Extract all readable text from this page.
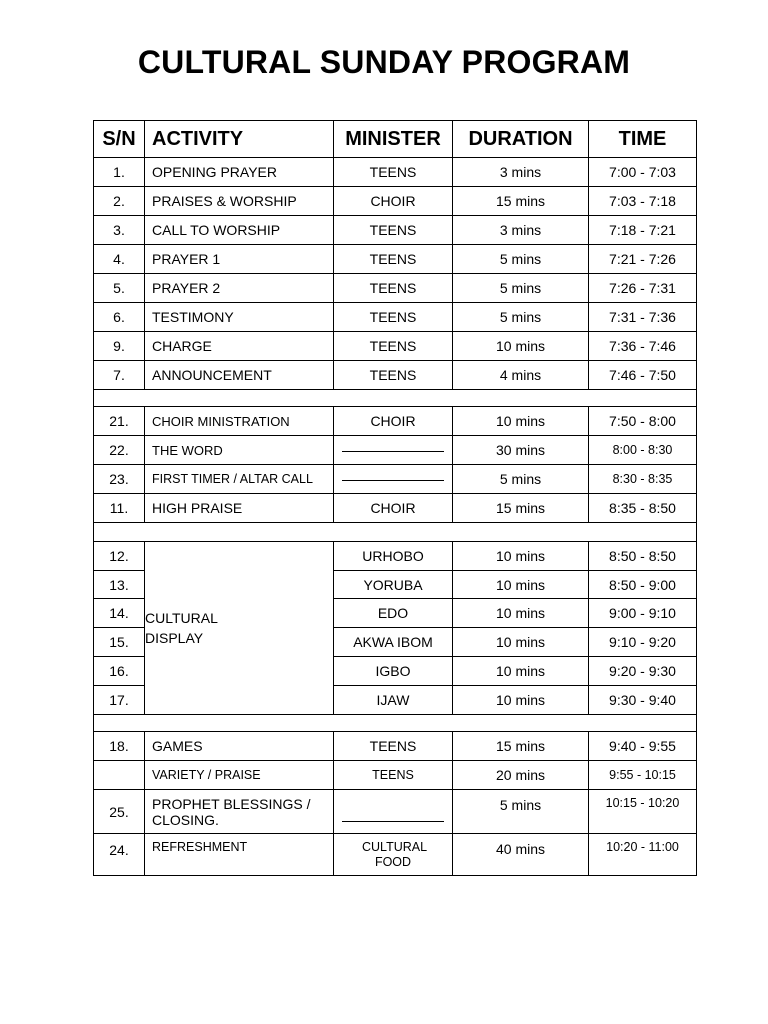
CULTURAL SUNDAY PROGRAM
S/N	ACTIVITY	MINISTER	DURATION	TIME
1.	OPENING PRAYER	TEENS	3 mins	7:00 - 7:03
2.	PRAISES & WORSHIP	CHOIR	15 mins	7:03 - 7:18
3.	CALL TO WORSHIP	TEENS	3 mins	7:18 - 7:21
4.	PRAYER 1	TEENS	5 mins	7:21 - 7:26
5.	PRAYER 2	TEENS	5 mins	7:26 - 7:31
6.	TESTIMONY	TEENS	5 mins	7:31 - 7:36
9.	CHARGE	TEENS	10 mins	7:36 - 7:46
7.	ANNOUNCEMENT	TEENS	4 mins	7:46 - 7:50

21.	CHOIR MINISTRATION	CHOIR	10 mins	7:50 - 8:00
22.	THE WORD		30 mins	8:00 - 8:30
23.	FIRST TIMER / ALTAR CALL		5 mins	8:30 - 8:35
11.	HIGH PRAISE	CHOIR	15 mins	8:35 - 8:50

12.	CULTURAL DISPLAY	URHOBO	10 mins	8:50 - 8:50
13.		YORUBA	10 mins	8:50 - 9:00
14.		EDO	10 mins	9:00 - 9:10
15.		AKWA IBOM	10 mins	9:10 - 9:20
16.		IGBO	10 mins	9:20 - 9:30
17.		IJAW	10 mins	9:30 - 9:40

18.	GAMES	TEENS	15 mins	9:40 - 9:55
	VARIETY / PRAISE	TEENS	20 mins	9:55 - 10:15
25.	PROPHET BLESSINGS / CLOSING.		5 mins	10:15 - 10:20
24.	REFRESHMENT	CULTURAL FOOD	40 mins	10:20 - 11:00
